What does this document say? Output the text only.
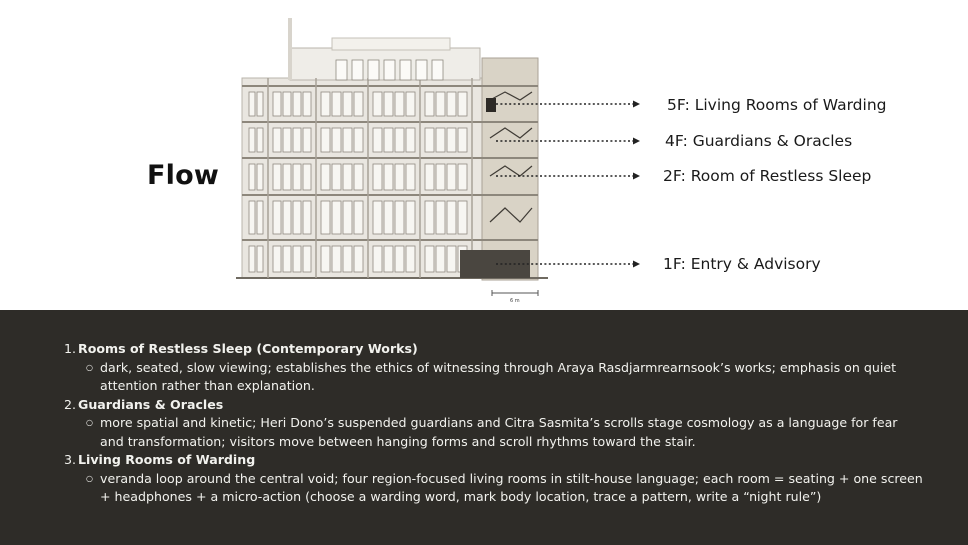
Flow
6 m
5F: Living Rooms of Warding
4F: Guardians & Oracles
2F: Room of Restless Sleep
1F: Entry & Advisory
1. Rooms of Restless Sleep (Contemporary Works)
○ dark, seated, slow viewing; establishes the ethics of witnessing through Araya Rasdjarmrearnsook’s works; emphasis on quiet attention rather than explanation.
2. Guardians & Oracles
○ more spatial and kinetic; Heri Dono’s suspended guardians and Citra Sasmita’s scrolls stage cosmology as a language for fear and transformation; visitors move between hanging forms and scroll rhythms toward the stair.
3. Living Rooms of Warding
○ veranda loop around the central void; four region-focused living rooms in stilt-house language; each room = seating + one screen + headphones + a micro-action (choose a warding word, mark body location, trace a pattern, write a “night rule”)
